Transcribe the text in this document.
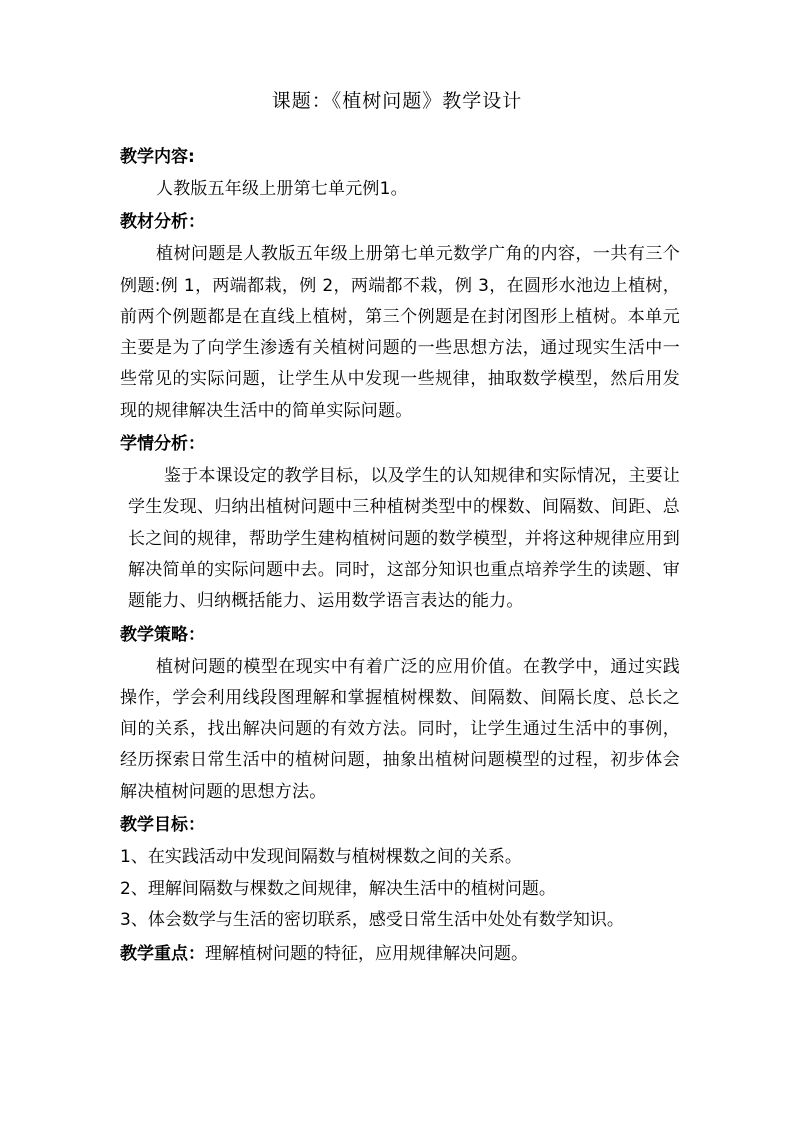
课题：《植树问题》教学设计
教学内容:
人教版五年级上册第七单元例1。
教材分析：
植树问题是人教版五年级上册第七单元数学广角的内容，一共有三个例题:例 1，两端都栽，例 2，两端都不栽，例 3，在圆形水池边上植树，前两个例题都是在直线上植树，第三个例题是在封闭图形上植树。本单元主要是为了向学生渗透有关植树问题的一些思想方法，通过现实生活中一些常见的实际问题，让学生从中发现一些规律，抽取数学模型，然后用发现的规律解决生活中的简单实际问题。
学情分析：
鉴于本课设定的教学目标，以及学生的认知规律和实际情况，主要让学生发现、归纳出植树问题中三种植树类型中的棵数、间隔数、间距、总长之间的规律，帮助学生建构植树问题的数学模型，并将这种规律应用到解决简单的实际问题中去。同时，这部分知识也重点培养学生的读题、审题能力、归纳概括能力、运用数学语言表达的能力。
教学策略：
植树问题的模型在现实中有着广泛的应用价值。在教学中，通过实践操作，学会利用线段图理解和掌握植树棵数、间隔数、间隔长度、总长之间的关系，找出解决问题的有效方法。同时，让学生通过生活中的事例，经历探索日常生活中的植树问题，抽象出植树问题模型的过程，初步体会解决植树问题的思想方法。
教学目标：
1、在实践活动中发现间隔数与植树棵数之间的关系。
2、理解间隔数与棵数之间规律，解决生活中的植树问题。
3、体会数学与生活的密切联系，感受日常生活中处处有数学知识。
教学重点：理解植树问题的特征，应用规律解决问题。
